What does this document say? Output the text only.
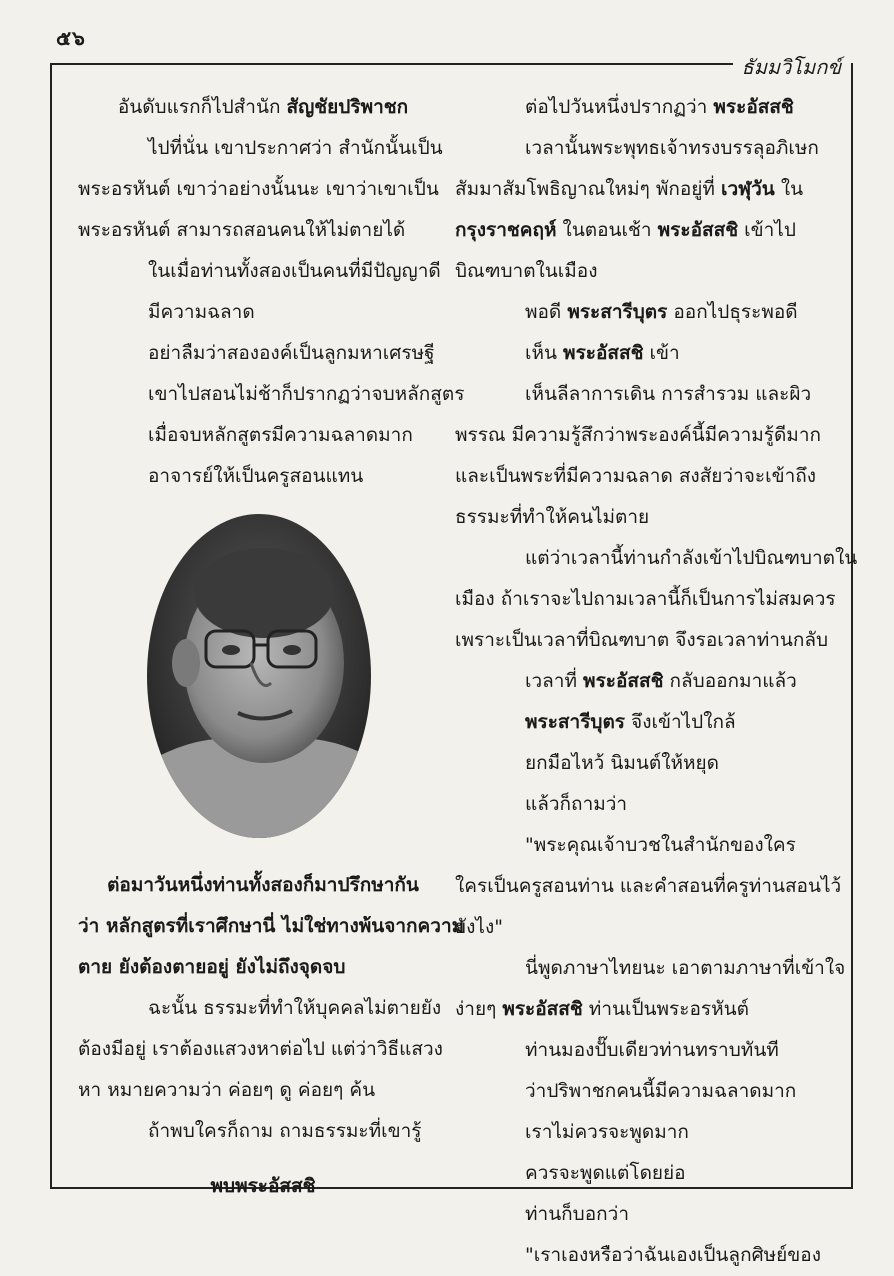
๕๖
ธัมมวิโมกข์
อันดับแรกก็ไปสำนัก สัญชัยปริพาชก
ไปที่นั่น เขาประกาศว่า สำนักนั้นเป็น
พระอรหันต์ เขาว่าอย่างนั้นนะ เขาว่าเขาเป็น
พระอรหันต์ สามารถสอนคนให้ไม่ตายได้
ในเมื่อท่านทั้งสองเป็นคนที่มีปัญญาดี
มีความฉลาด
อย่าลืมว่าสององค์เป็นลูกมหาเศรษฐี
เขาไปสอนไม่ช้าก็ปรากฏว่าจบหลักสูตร
เมื่อจบหลักสูตรมีความฉลาดมาก
อาจารย์ให้เป็นครูสอนแทน
ต่อมาวันหนึ่งท่านทั้งสองก็มาปรึกษากัน
ว่า หลักสูตรที่เราศึกษานี่ ไม่ใช่ทางพ้นจากความ
ตาย ยังต้องตายอยู่ ยังไม่ถึงจุดจบ
ฉะนั้น ธรรมะที่ทำให้บุคคลไม่ตายยัง
ต้องมีอยู่ เราต้องแสวงหาต่อไป แต่ว่าวิธีแสวง
หา หมายความว่า ค่อยๆ ดู ค่อยๆ ค้น
ถ้าพบใครก็ถาม ถามธรรมะที่เขารู้
พบพระอัสสชิ
ต่อไปวันหนึ่งปรากฏว่า พระอัสสชิ
เวลานั้นพระพุทธเจ้าทรงบรรลุอภิเษก
สัมมาสัมโพธิญาณใหม่ๆ พักอยู่ที่ เวฬุวัน ใน
กรุงราชคฤห์ ในตอนเช้า พระอัสสชิ เข้าไป
บิณฑบาตในเมือง
พอดี พระสารีบุตร ออกไปธุระพอดี
เห็น พระอัสสชิ เข้า
เห็นลีลาการเดิน การสำรวม และผิว
พรรณ มีความรู้สึกว่าพระองค์นี้มีความรู้ดีมาก
และเป็นพระที่มีความฉลาด สงสัยว่าจะเข้าถึง
ธรรมะที่ทำให้คนไม่ตาย
แต่ว่าเวลานี้ท่านกำลังเข้าไปบิณฑบาตใน
เมือง ถ้าเราจะไปถามเวลานี้ก็เป็นการไม่สมควร
เพราะเป็นเวลาที่บิณฑบาต จึงรอเวลาท่านกลับ
เวลาที่ พระอัสสชิ กลับออกมาแล้ว
พระสารีบุตร จึงเข้าไปใกล้
ยกมือไหว้ นิมนต์ให้หยุด
แล้วก็ถามว่า
"พระคุณเจ้าบวชในสำนักของใคร
ใครเป็นครูสอนท่าน และคำสอนที่ครูท่านสอนไว้
ยังไง"
นี่พูดภาษาไทยนะ เอาตามภาษาที่เข้าใจ
ง่ายๆ พระอัสสชิ ท่านเป็นพระอรหันต์
ท่านมองปั๊บเดียวท่านทราบทันที
ว่าปริพาชกคนนี้มีความฉลาดมาก
เราไม่ควรจะพูดมาก
ควรจะพูดแต่โดยย่อ
ท่านก็บอกว่า
"เราเองหรือว่าฉันเองเป็นลูกศิษย์ของ
